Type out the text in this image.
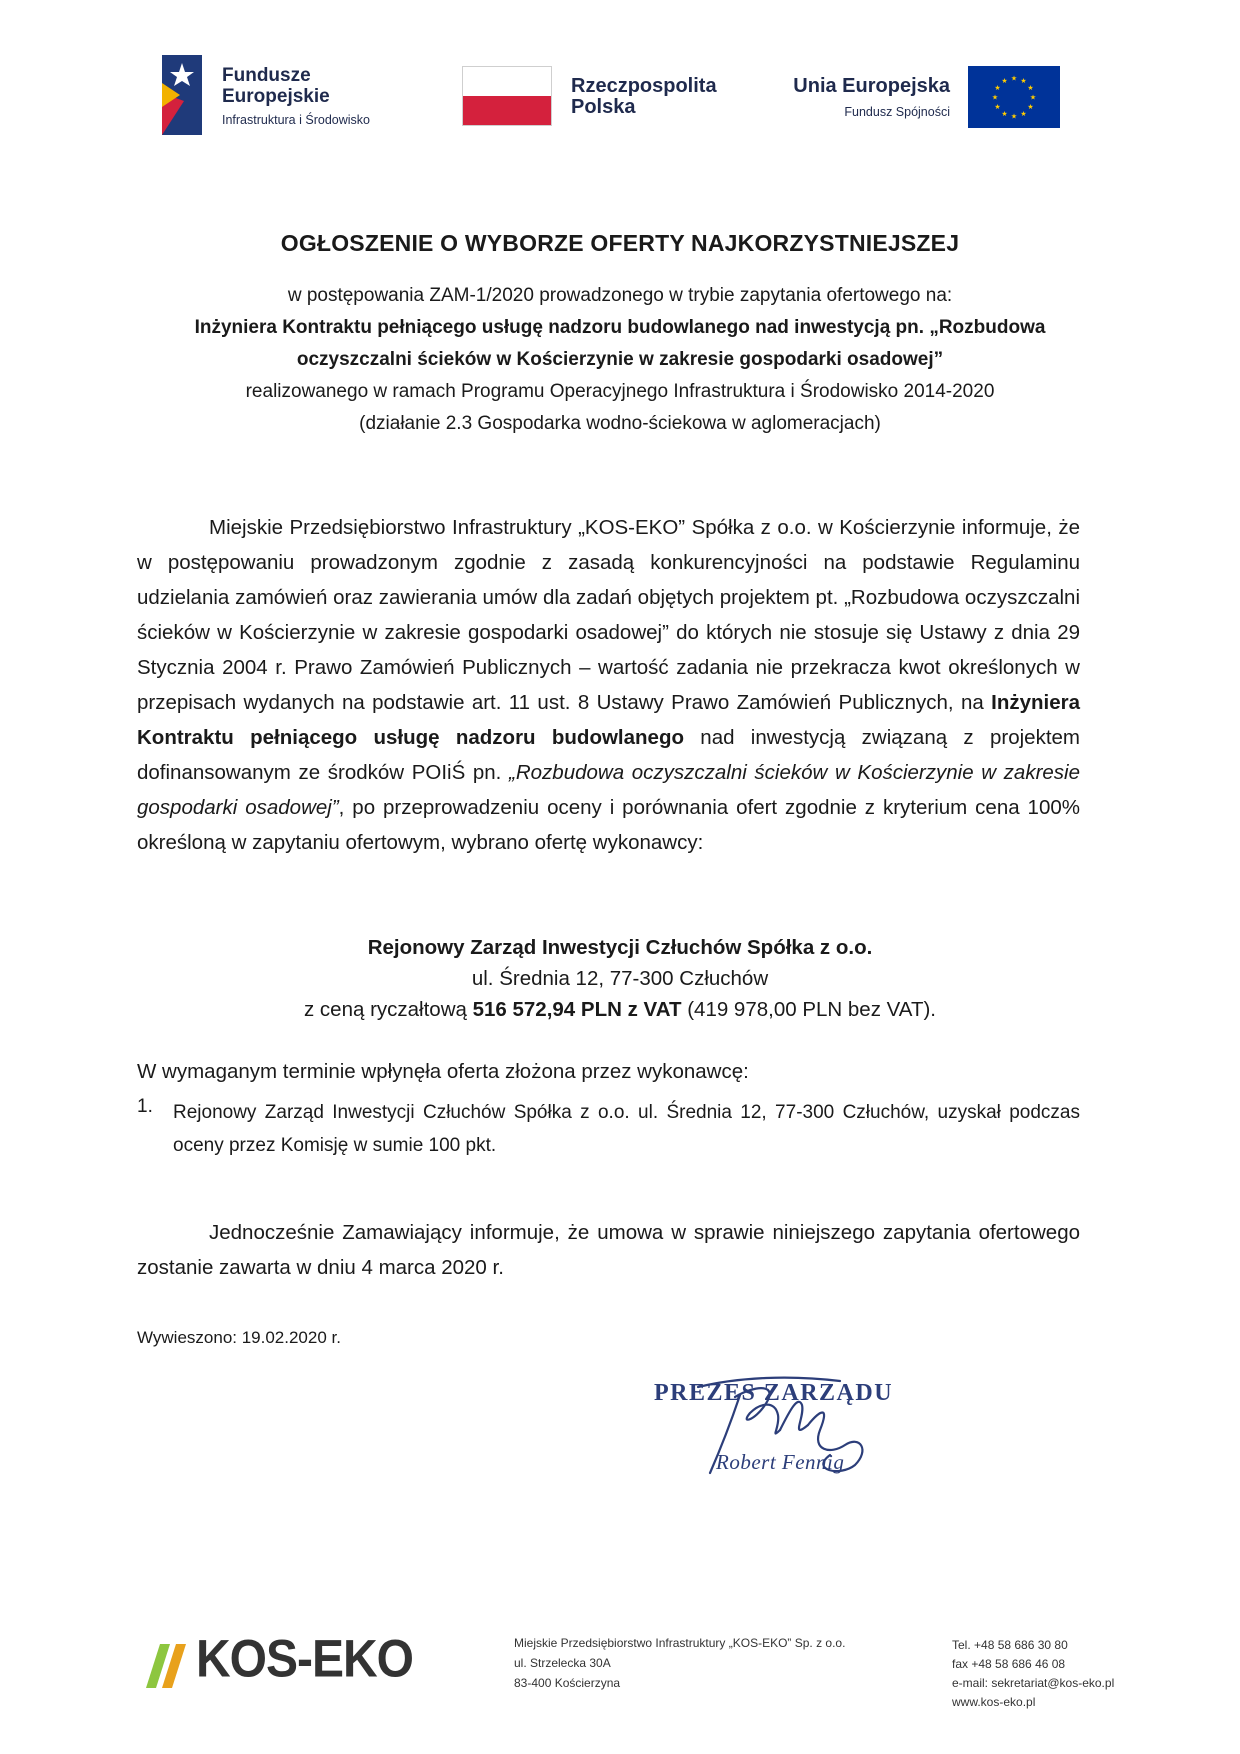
Fundusze
Europejskie
Infrastruktura i Środowisko
Rzeczpospolita
Polska
Unia Europejska
Fundusz Spójności
★ ★
★
★
★
★
★
★
★
★
★
★
OGŁOSZENIE O WYBORZE OFERTY NAJKORZYSTNIEJSZEJ
w postępowania ZAM-1/2020 prowadzonego w trybie zapytania ofertowego na:
Inżyniera Kontraktu pełniącego usługę nadzoru budowlanego nad inwestycją pn. „Rozbudowa
oczyszczalni ścieków w Kościerzynie w zakresie gospodarki osadowej”
realizowanego w ramach Programu Operacyjnego Infrastruktura i Środowisko 2014-2020
(działanie 2.3 Gospodarka wodno-ściekowa w aglomeracjach)
Miejskie Przedsiębiorstwo Infrastruktury „KOS-EKO” Spółka z o.o. w Kościerzynie informuje, że w postępowaniu prowadzonym zgodnie z zasadą konkurencyjności na podstawie Regulaminu udzielania zamówień oraz zawierania umów dla zadań objętych projektem pt. „Rozbudowa oczyszczalni ścieków w Kościerzynie w zakresie gospodarki osadowej” do których nie stosuje się Ustawy z dnia 29 Stycznia 2004 r. Prawo Zamówień Publicznych – wartość zadania nie przekracza kwot określonych w przepisach wydanych na podstawie art. 11 ust. 8 Ustawy Prawo Zamówień Publicznych, na Inżyniera Kontraktu pełniącego usługę nadzoru budowlanego nad inwestycją związaną z projektem dofinansowanym ze środków POIiŚ pn. „Rozbudowa oczyszczalni ścieków w Kościerzynie w zakresie gospodarki osadowej”, po przeprowadzeniu oceny i porównania ofert zgodnie z kryterium cena 100% określoną w zapytaniu ofertowym, wybrano ofertę wykonawcy:
Rejonowy Zarząd Inwestycji Człuchów Spółka z o.o.
ul. Średnia 12, 77-300 Człuchów
z ceną ryczałtową 516 572,94 PLN z VAT (419 978,00 PLN bez VAT).
W wymaganym terminie wpłynęła oferta złożona przez wykonawcę:
1. Rejonowy Zarząd Inwestycji Człuchów Spółka z o.o. ul. Średnia 12, 77-300 Człuchów, uzyskał podczas oceny przez Komisję w sumie 100 pkt.
Jednocześnie Zamawiający informuje, że umowa w sprawie niniejszego zapytania ofertowego zostanie zawarta w dniu 4 marca 2020 r.
Wywieszono: 19.02.2020 r.
PREZES ZARZĄDU
Robert Fennig
KOS-EKO	Miejskie Przedsiębiorstwo Infrastruktury „KOS-EKO” Sp. z o.o.
ul. Strzelecka 30A
83-400 Kościerzyna
Tel. +48 58 686 30 80
fax +48 58 686 46 08
e-mail: sekretariat@kos-eko.pl
www.kos-eko.pl
